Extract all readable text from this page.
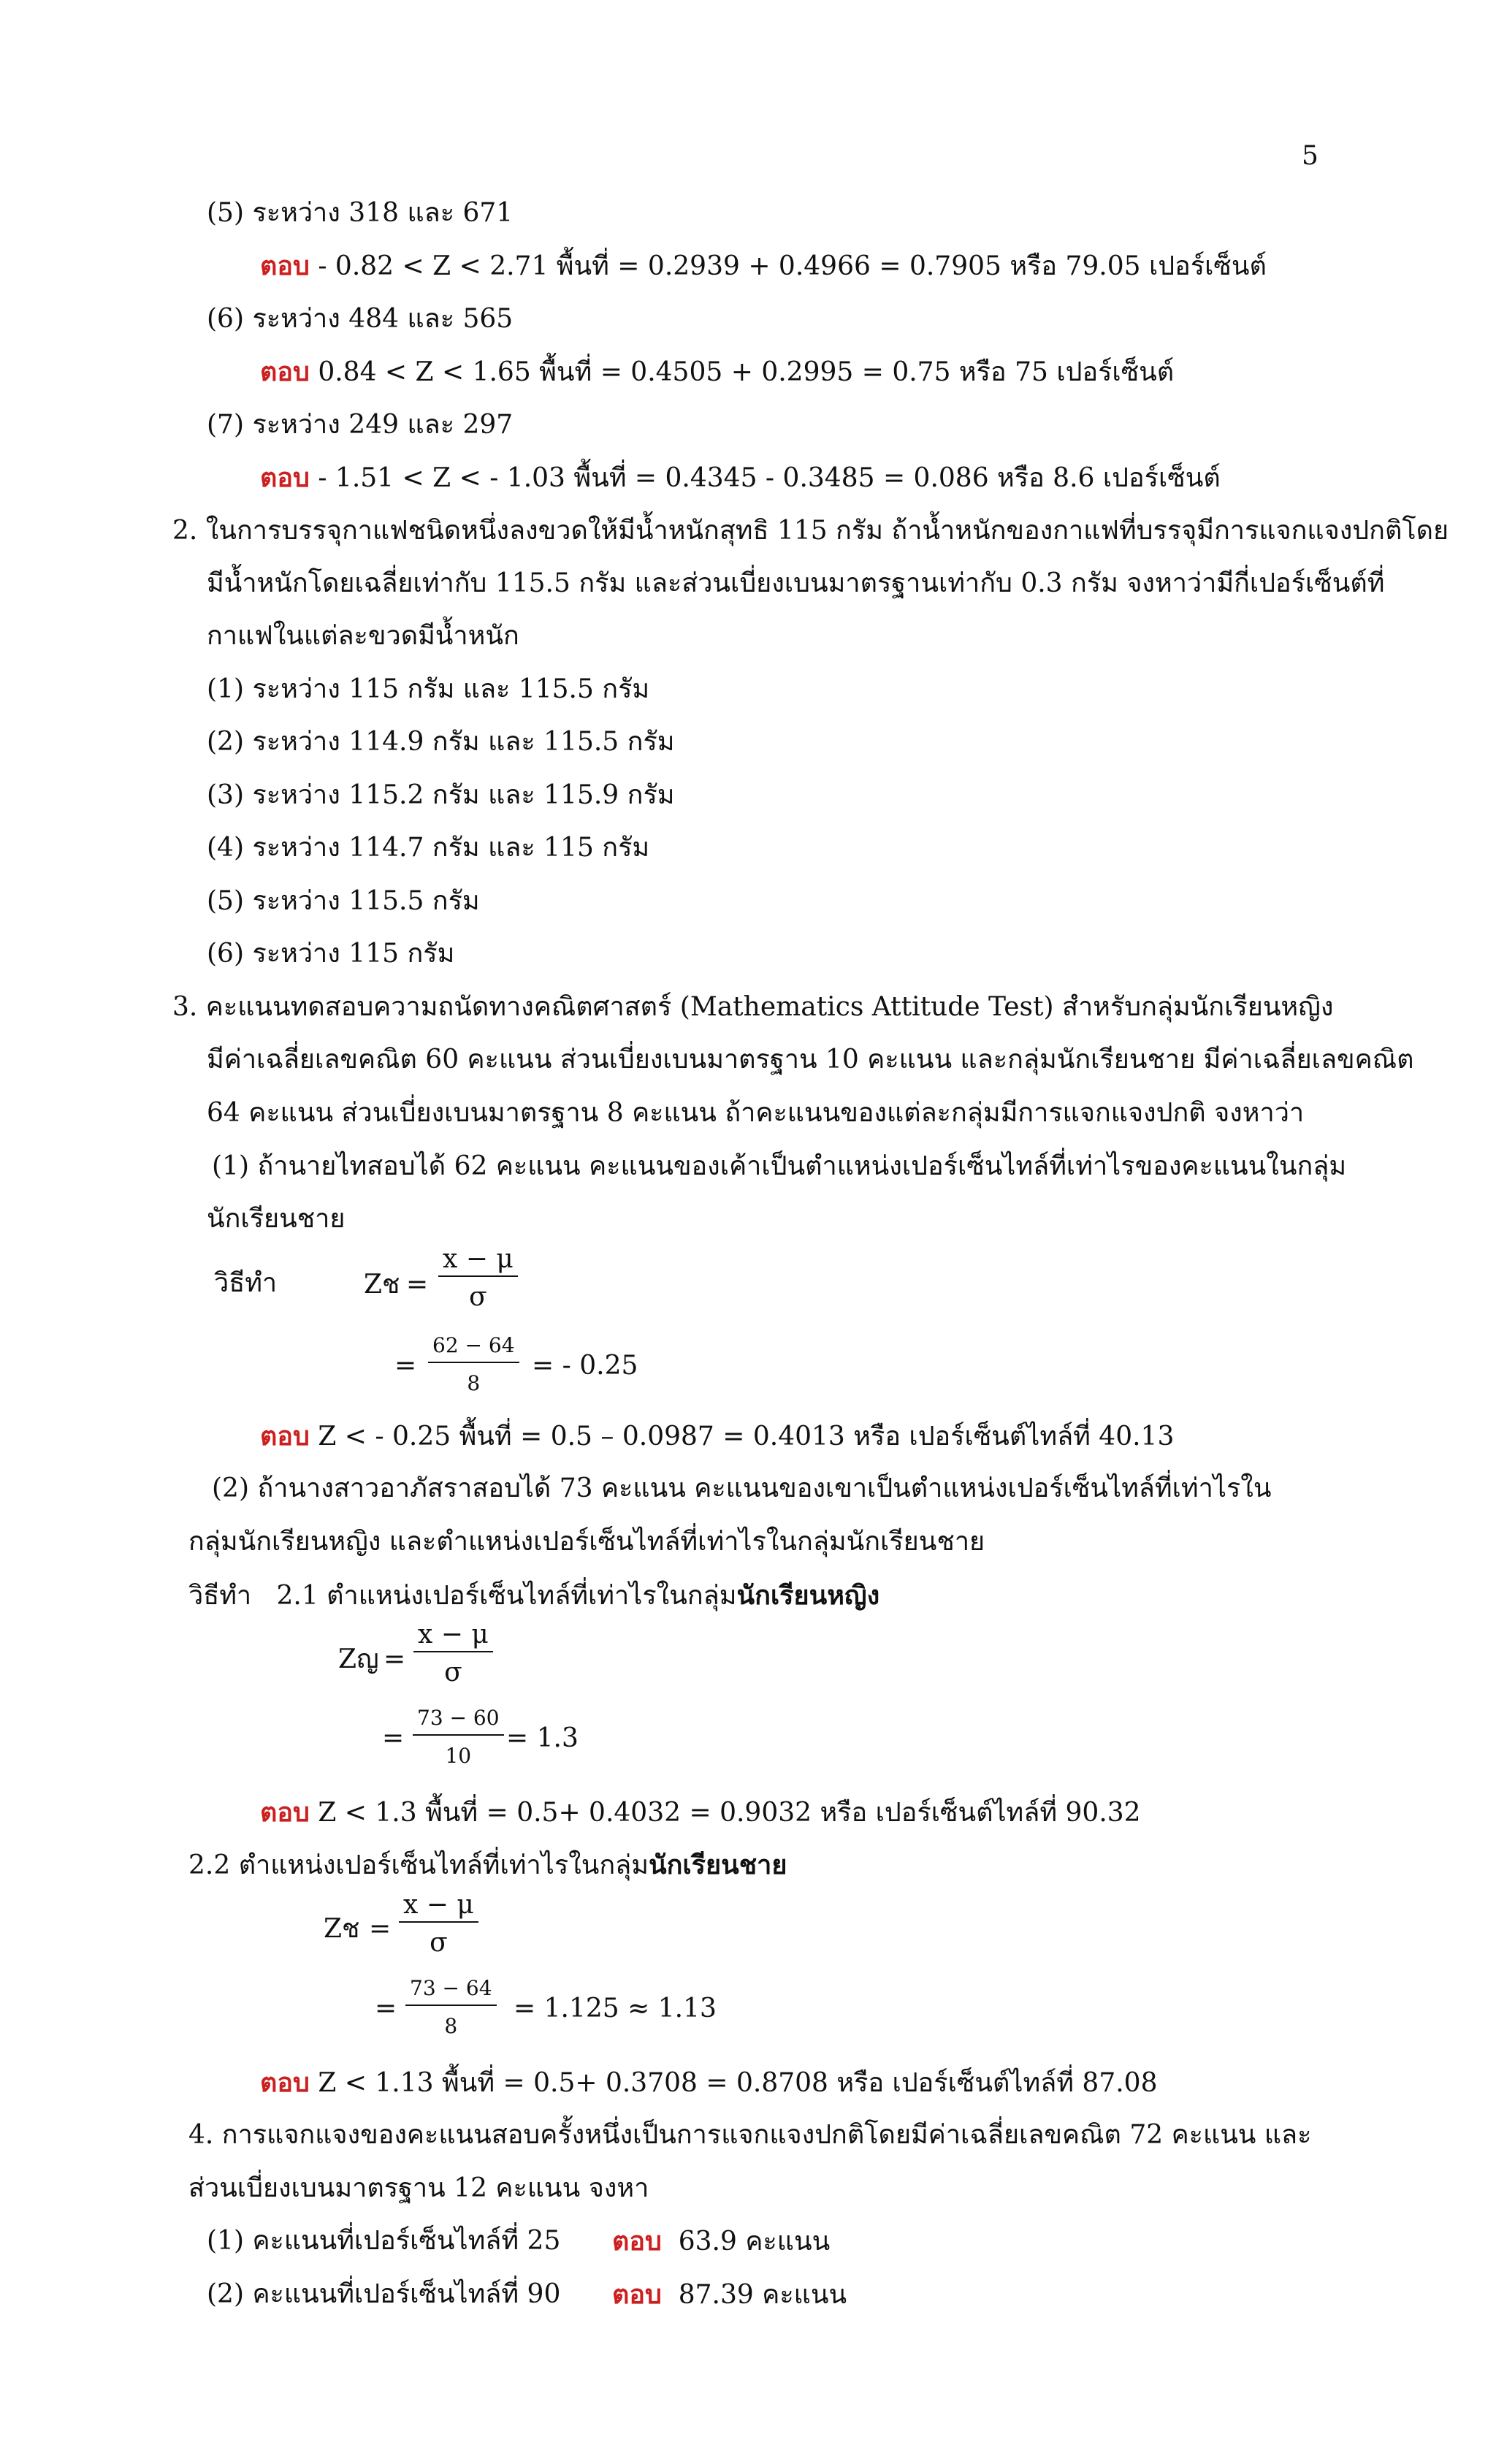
5
(5) ระหว่าง 318 และ 671
ตอบ - 0.82 < Z < 2.71 พื้นที่ = 0.2939 + 0.4966 = 0.7905 หรือ 79.05 เปอร์เซ็นต์
(6) ระหว่าง 484 และ 565
ตอบ 0.84 < Z < 1.65 พื้นที่ = 0.4505 + 0.2995 = 0.75 หรือ 75 เปอร์เซ็นต์
(7) ระหว่าง 249 และ 297
ตอบ - 1.51 < Z < - 1.03 พื้นที่ = 0.4345 - 0.3485 = 0.086 หรือ 8.6 เปอร์เซ็นต์
2. ในการบรรจุกาแฟชนิดหนึ่งลงขวดให้มีน้ำหนักสุทธิ 115 กรัม ถ้าน้ำหนักของกาแฟที่บรรจุมีการแจกแจงปกติโดย
มีน้ำหนักโดยเฉลี่ยเท่ากับ 115.5 กรัม และส่วนเบี่ยงเบนมาตรฐานเท่ากับ 0.3 กรัม จงหาว่ามีกี่เปอร์เซ็นต์ที่
กาแฟในแต่ละขวดมีน้ำหนัก
(1) ระหว่าง 115 กรัม และ 115.5 กรัม
(2) ระหว่าง 114.9 กรัม และ 115.5 กรัม
(3) ระหว่าง 115.2 กรัม และ 115.9 กรัม
(4) ระหว่าง 114.7 กรัม และ 115 กรัม
(5) ระหว่าง 115.5 กรัม
(6) ระหว่าง 115 กรัม
3. คะแนนทดสอบความถนัดทางคณิตศาสตร์ (Mathematics Attitude Test) สำหรับกลุ่มนักเรียนหญิง
มีค่าเฉลี่ยเลขคณิต 60 คะแนน ส่วนเบี่ยงเบนมาตรฐาน 10 คะแนน และกลุ่มนักเรียนชาย มีค่าเฉลี่ยเลขคณิต
64 คะแนน ส่วนเบี่ยงเบนมาตรฐาน 8 คะแนน ถ้าคะแนนของแต่ละกลุ่มมีการแจกแจงปกติ จงหาว่า
(1) ถ้านายไทสอบได้ 62 คะแนน คะแนนของเค้าเป็นตำแหน่งเปอร์เซ็นไทล์ที่เท่าไรของคะแนนในกลุ่ม
นักเรียนชาย
วิธีทำ	Zช = $\frac{x - \mu}{\sigma}$
= $\frac{62 - 64}{8}$ = - 0.25
ตอบ Z < - 0.25 พื้นที่ = 0.5 – 0.0987 = 0.4013 หรือ เปอร์เซ็นต์ไทล์ที่ 40.13
(2) ถ้านางสาวอาภัสราสอบได้ 73 คะแนน คะแนนของเขาเป็นตำแหน่งเปอร์เซ็นไทล์ที่เท่าไรใน
กลุ่มนักเรียนหญิง และตำแหน่งเปอร์เซ็นไทล์ที่เท่าไรในกลุ่มนักเรียนชาย
วิธีทำ 2.1 ตำแหน่งเปอร์เซ็นไทล์ที่เท่าไรในกลุ่มนักเรียนหญิง
Zญ = $\frac{x - \mu}{\sigma}$
= $\frac{73 - 60}{10} = 1.3$
ตอบ Z < 1.3 พื้นที่ = 0.5+ 0.4032 = 0.9032 หรือ เปอร์เซ็นต์ไทล์ที่ 90.32
2.2 ตำแหน่งเปอร์เซ็นไทล์ที่เท่าไรในกลุ่มนักเรียนชาย
Zช = $\frac{x - \mu}{\sigma}$
= $\frac{73 - 64}{8} = 1.125 \approx 1.13$
ตอบ Z < 1.13 พื้นที่ = 0.5+ 0.3708 = 0.8708 หรือ เปอร์เซ็นต์ไทล์ที่ 87.08
4. การแจกแจงของคะแนนสอบครั้งหนึ่งเป็นการแจกแจงปกติโดยมีค่าเฉลี่ยเลขคณิต 72 คะแนน และ
ส่วนเบี่ยงเบนมาตรฐาน 12 คะแนน จงหา
(1) คะแนนที่เปอร์เซ็นไทล์ที่ 25 ตอบ 63.9 คะแนน
(2) คะแนนที่เปอร์เซ็นไทล์ที่ 90 ตอบ 87.39 คะแนน
